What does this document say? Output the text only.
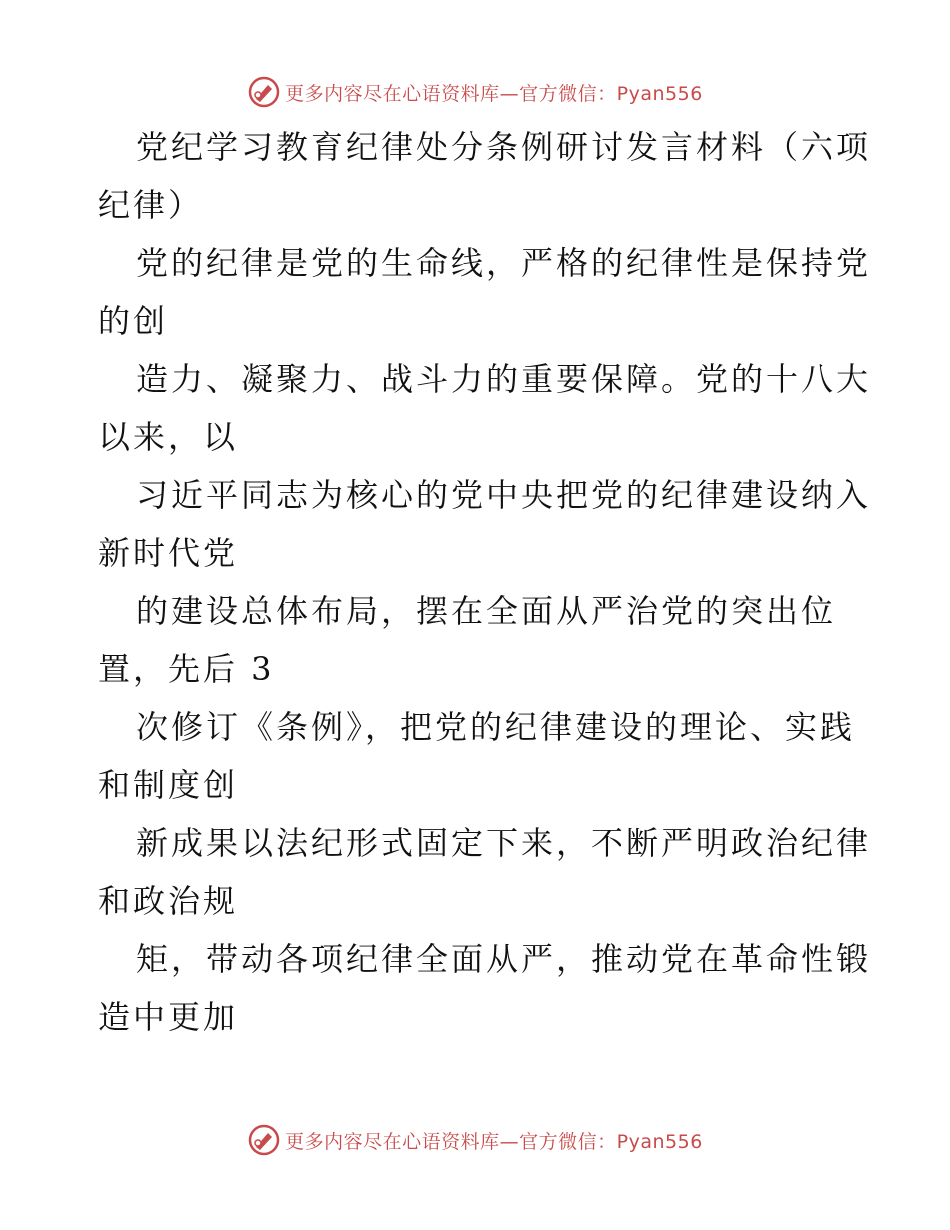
更多内容尽在心语资料库—官方微信：Pyan556
党纪学习教育纪律处分条例研讨发言材料（六项
纪律）
党的纪律是党的生命线，严格的纪律性是保持党
的创
造力、凝聚力、战斗力的重要保障。党的十八大
以来，以
习近平同志为核心的党中央把党的纪律建设纳入
新时代党
的建设总体布局，摆在全面从严治党的突出位
置，先后 3
次修订《条例》，把党的纪律建设的理论、实践
和制度创
新成果以法纪形式固定下来，不断严明政治纪律
和政治规
矩，带动各项纪律全面从严，推动党在革命性锻
造中更加
更多内容尽在心语资料库—官方微信：Pyan556
